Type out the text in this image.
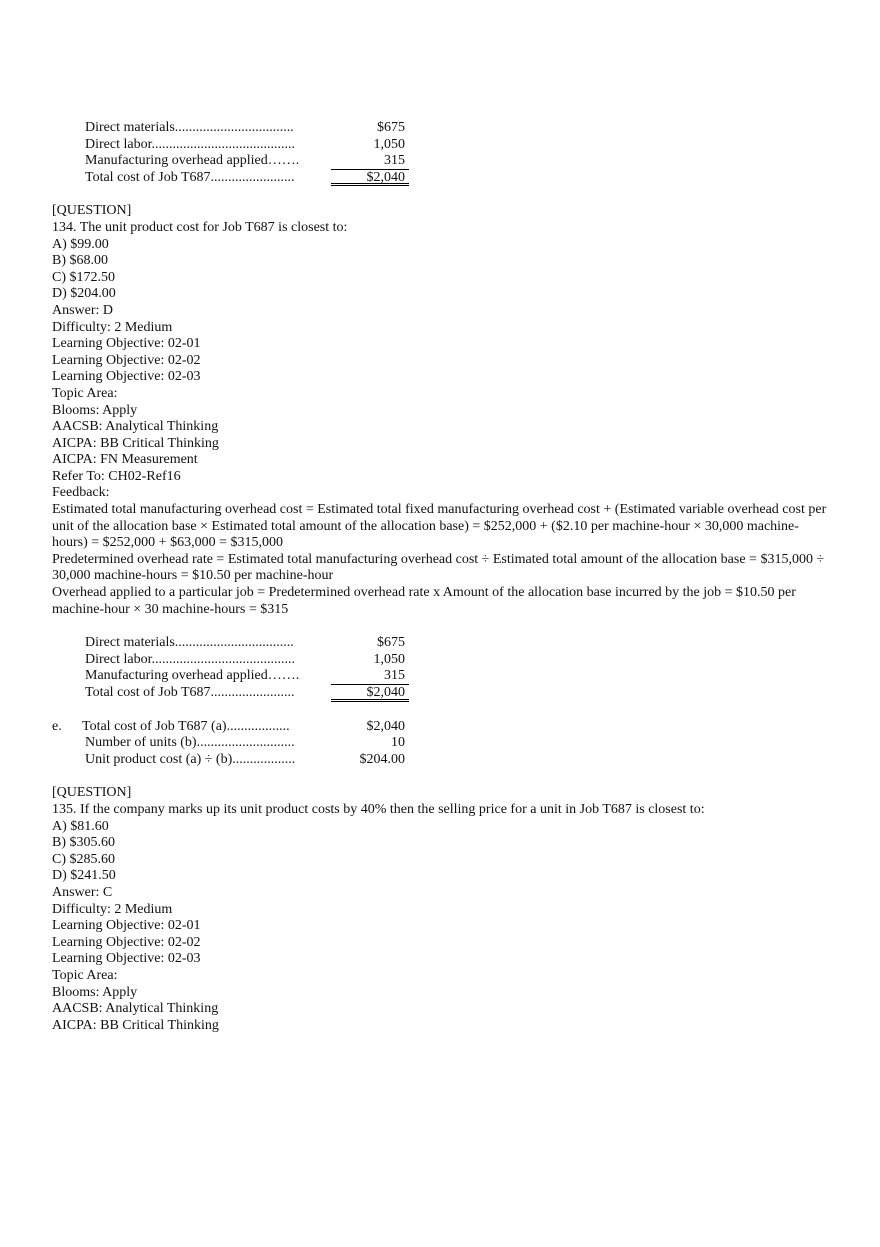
Direct materials..................................	$675
Direct labor.........................................	1,050
Manufacturing overhead applied…….	315
Total cost of Job T687........................	$2,040
[QUESTION]
134. The unit product cost for Job T687 is closest to:
A) $99.00
B) $68.00
C) $172.50
D) $204.00
Answer: D
Difficulty: 2 Medium
Learning Objective: 02-01
Learning Objective: 02-02
Learning Objective: 02-03
Topic Area:
Blooms: Apply
AACSB: Analytical Thinking
AICPA: BB Critical Thinking
AICPA: FN Measurement
Refer To: CH02-Ref16
Feedback:
Estimated total manufacturing overhead cost = Estimated total fixed manufacturing overhead cost + (Estimated variable overhead cost per unit of the allocation base × Estimated total amount of the allocation base) = $252,000 + ($2.10 per machine-hour × 30,000 machine-hours) = $252,000 + $63,000 = $315,000
Predetermined overhead rate = Estimated total manufacturing overhead cost ÷ Estimated total amount of the allocation base = $315,000 ÷ 30,000 machine-hours = $10.50 per machine-hour
Overhead applied to a particular job = Predetermined overhead rate x Amount of the allocation base incurred by the job = $10.50 per machine-hour × 30 machine-hours = $315
Direct materials..................................	$675
Direct labor.........................................	1,050
Manufacturing overhead applied…….	315
Total cost of Job T687........................	$2,040
e.	Total cost of Job T687 (a)..................	$2,040
Number of units (b)............................	10
Unit product cost (a) ÷ (b)..................	$204.00
[QUESTION]
135. If the company marks up its unit product costs by 40% then the selling price for a unit in Job T687 is closest to:
A) $81.60
B) $305.60
C) $285.60
D) $241.50
Answer: C
Difficulty: 2 Medium
Learning Objective: 02-01
Learning Objective: 02-02
Learning Objective: 02-03
Topic Area:
Blooms: Apply
AACSB: Analytical Thinking
AICPA: BB Critical Thinking
